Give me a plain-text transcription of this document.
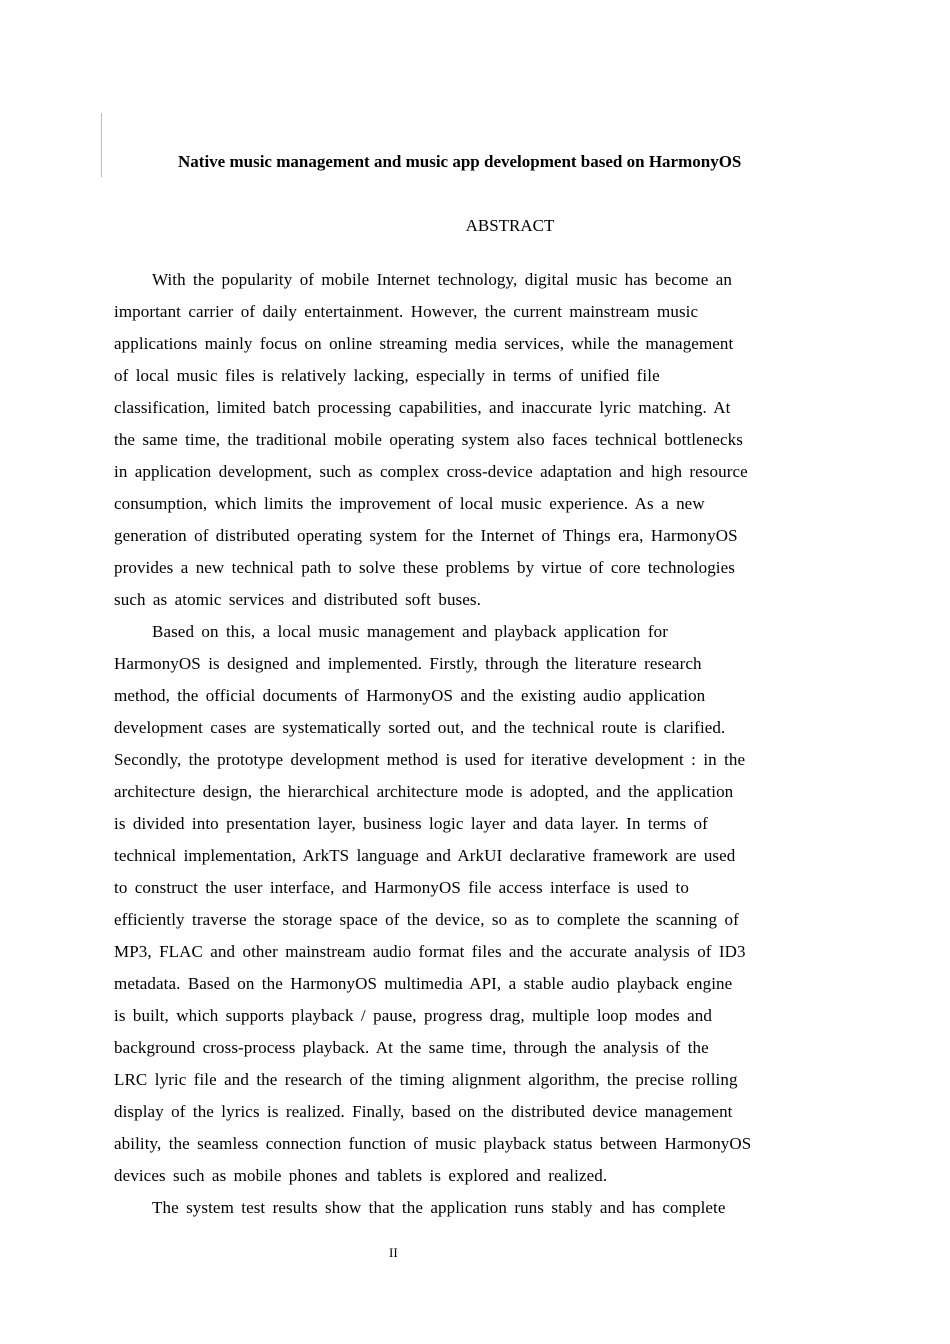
Native music management and music app development based on HarmonyOS
ABSTRACT
With the popularity of mobile Internet technology, digital music has become an
important carrier of daily entertainment. However, the current mainstream music
applications mainly focus on online streaming media services, while the management
of local music files is relatively lacking, especially in terms of unified file
classification, limited batch processing capabilities, and inaccurate lyric matching. At
the same time, the traditional mobile operating system also faces technical bottlenecks
in application development, such as complex cross-device adaptation and high resource
consumption, which limits the improvement of local music experience. As a new
generation of distributed operating system for the Internet of Things era, HarmonyOS
provides a new technical path to solve these problems by virtue of core technologies
such as atomic services and distributed soft buses.
Based on this, a local music management and playback application for
HarmonyOS is designed and implemented. Firstly, through the literature research
method, the official documents of HarmonyOS and the existing audio application
development cases are systematically sorted out, and the technical route is clarified.
Secondly, the prototype development method is used for iterative development : in the
architecture design, the hierarchical architecture mode is adopted, and the application
is divided into presentation layer, business logic layer and data layer. In terms of
technical implementation, ArkTS language and ArkUI declarative framework are used
to construct the user interface, and HarmonyOS file access interface is used to
efficiently traverse the storage space of the device, so as to complete the scanning of
MP3, FLAC and other mainstream audio format files and the accurate analysis of ID3
metadata. Based on the HarmonyOS multimedia API, a stable audio playback engine
is built, which supports playback / pause, progress drag, multiple loop modes and
background cross-process playback. At the same time, through the analysis of the
LRC lyric file and the research of the timing alignment algorithm, the precise rolling
display of the lyrics is realized. Finally, based on the distributed device management
ability, the seamless connection function of music playback status between HarmonyOS
devices such as mobile phones and tablets is explored and realized.
The system test results show that the application runs stably and has complete
II
